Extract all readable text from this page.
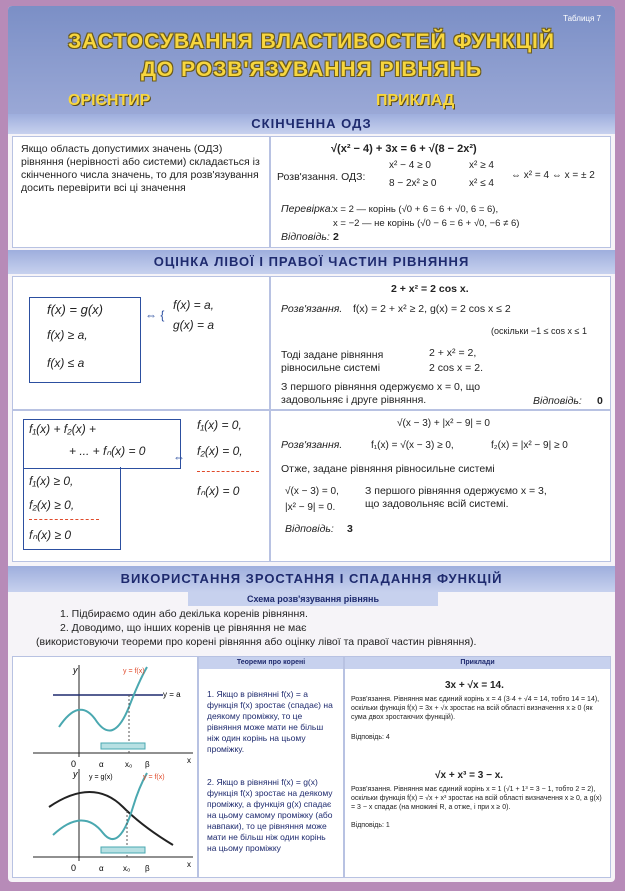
Таблиця 7
ЗАСТОСУВАННЯ ВЛАСТИВОСТЕЙ ФУНКЦІЙ
ДО РОЗВ'ЯЗУВАННЯ РІВНЯНЬ
ОРІЄНТИР	ПРИКЛАД
СКІНЧЕННА ОДЗ
Якщо область допустимих значень (ОДЗ) рівняння (нерівності або системи) складається із скінченного числа значень, то для розв'язування досить перевірити всі ці значення
√(x² − 4) + 3x = 6 + √(8 − 2x²)
Розв'язання. ОДЗ:
x² − 4 ≥ 0
8 − 2x² ≥ 0
x² ≥ 4
x² ≤ 4
⇔ x² = 4 ⇔ x = ± 2
Перевірка: x = 2 — корінь (√0 + 6 = 6 + √0, 6 = 6),
x = −2 — не корінь (√0 − 6 = 6 + √0, −6 ≠ 6)
Відповідь: 2
ОЦІНКА ЛІВОЇ І ПРАВОЇ ЧАСТИН РІВНЯННЯ
f(x) = g(x)
f(x) ≥ a,
f(x) ≤ a
⇔ {
f(x) = a,
g(x) = a
2 + x² = 2 cos x.
Розв'язання. f(x) = 2 + x² ≥ 2, g(x) = 2 cos x ≤ 2
(оскільки −1 ≤ cos x ≤ 1
Тоді задане рівняння рівносильне системі
2 + x² = 2,
2 cos x = 2.
З першого рівняння одержуємо x = 0, що задовольняє і друге рівняння.	Відповідь: 0
f₁(x) + f₂(x) +
+ ... + fₙ(x) = 0
f₁(x) ≥ 0,
f₂(x) ≥ 0,
fₙ(x) ≥ 0
⇔
f₁(x) = 0,
f₂(x) = 0,
fₙ(x) = 0
√(x − 3) + |x² − 9| = 0
Розв'язання.	f₁(x) = √(x − 3) ≥ 0,	f₂(x) = |x² − 9| ≥ 0
Отже, задане рівняння рівносильне системі
√(x − 3) = 0,
|x² − 9| = 0.
З першого рівняння одержуємо x = 3, що задовольняє всій системі.
Відповідь: 3
ВИКОРИСТАННЯ ЗРОСТАННЯ І СПАДАННЯ ФУНКЦІЙ
Схема розв'язування рівнянь
1. Підбираємо один або декілька коренів рівняння.
2. Доводимо, що інших коренів це рівняння не має
(використовуючи теореми про корені рівняння або оцінку лівої та правої частин рівняння).
y	y = f(x)
y = a
0	α	x₀ β	x
y y = g(x)	y = f(x)
0	α x₀ β	x
Теореми про корені
1. Якщо в рівнянні f(x) = a функція f(x) зростає (спадає) на деякому проміжку, то це рівняння може мати не більш ніж один корінь на цьому проміжку.
2. Якщо в рівнянні f(x) = g(x) функція f(x) зростає на деякому проміжку, а функція g(x) спадає на цьому самому проміжку (або навпаки), то це рівняння може мати не більш ніж один корінь на цьому проміжку
Приклади
3x + √x = 14.
Розв'язання. Рівняння має єдиний корінь x = 4 (3·4 + √4 = 14, тобто 14 = 14), оскільки функція f(x) = 3x + √x зростає на всій області визначення x ≥ 0 (як сума двох зростаючих функцій).
Відповідь: 4
√x + x³ = 3 − x.
Розв'язання. Рівняння має єдиний корінь x = 1 (√1 + 1³ = 3 − 1, тобто 2 = 2), оскільки функція f(x) = √x + x³ зростає на всій області визначення x ≥ 0, а g(x) = 3 − x спадає (на множині R, а отже, і при x ≥ 0).
Відповідь: 1
